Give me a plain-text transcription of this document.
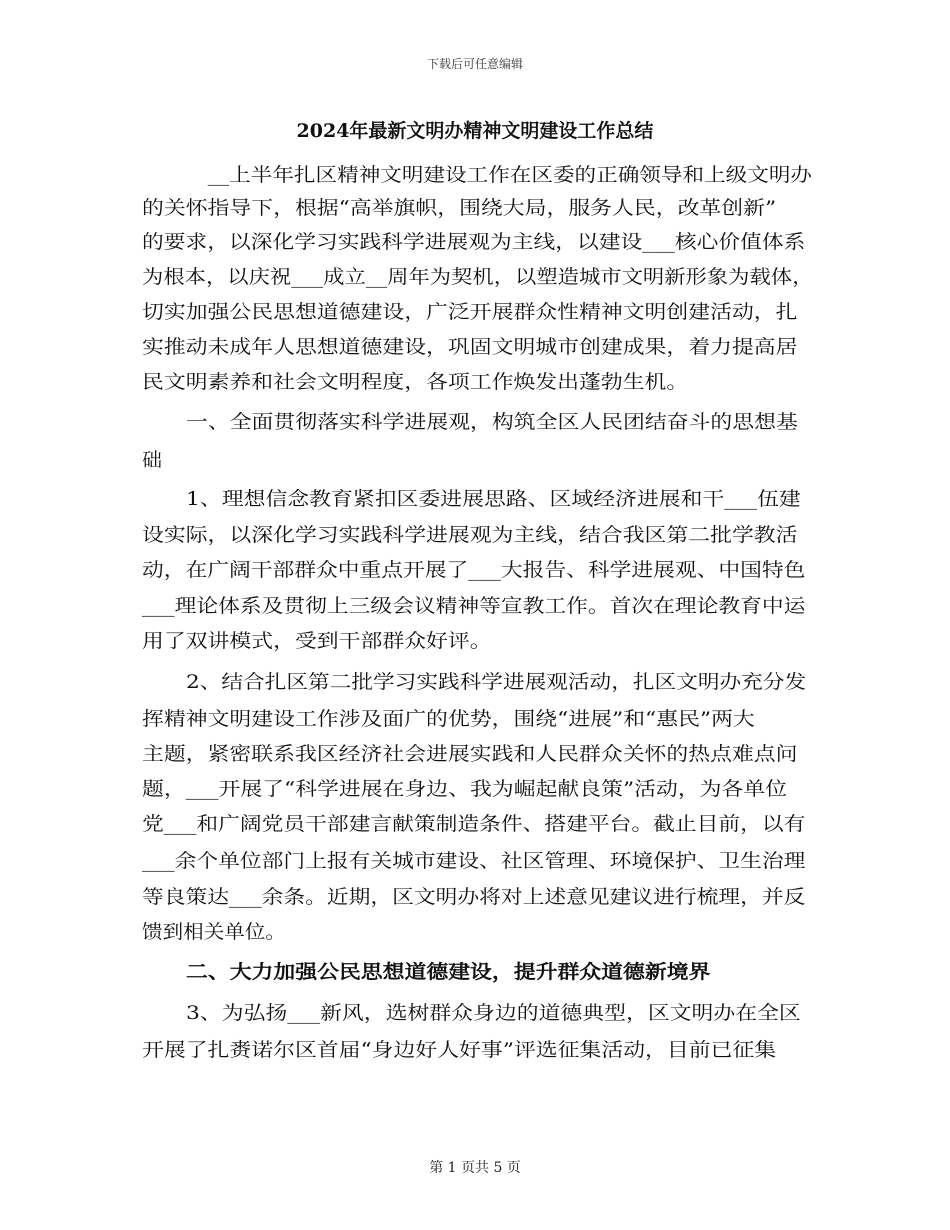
下载后可任意编辑
2024年最新文明办精神文明建设工作总结
　__上半年扎区精神文明建设工作在区委的正确领导和上级文明办
的关怀指导下，根据“高举旗帜，围绕大局，服务人民，改革创新”
的要求，以深化学习实践科学进展观为主线，以建设___核心价值体系
为根本，以庆祝___成立__周年为契机，以塑造城市文明新形象为载体，
切实加强公民思想道德建设，广泛开展群众性精神文明创建活动，扎
实推动未成年人思想道德建设，巩固文明城市创建成果，着力提高居
民文明素养和社会文明程度，各项工作焕发出蓬勃生机。
一、全面贯彻落实科学进展观，构筑全区人民团结奋斗的思想基
础
1、理想信念教育紧扣区委进展思路、区域经济进展和干___伍建
设实际，以深化学习实践科学进展观为主线，结合我区第二批学教活
动，在广阔干部群众中重点开展了___大报告、科学进展观、中国特色
___理论体系及贯彻上三级会议精神等宣教工作。首次在理论教育中运
用了双讲模式，受到干部群众好评。
2、结合扎区第二批学习实践科学进展观活动，扎区文明办充分发
挥精神文明建设工作涉及面广的优势，围绕“进展”和“惠民”两大
主题，紧密联系我区经济社会进展实践和人民群众关怀的热点难点问
题，___开展了“科学进展在身边、我为崛起献良策”活动，为各单位
党___和广阔党员干部建言献策制造条件、搭建平台。截止目前，以有
___余个单位部门上报有关城市建设、社区管理、环境保护、卫生治理
等良策达___余条。近期，区文明办将对上述意见建议进行梳理，并反
馈到相关单位。
二、大力加强公民思想道德建设，提升群众道德新境界
3、为弘扬___新风，选树群众身边的道德典型，区文明办在全区
开展了扎赉诺尔区首届“身边好人好事”评选征集活动，目前已征集
第 1 页共 5 页
